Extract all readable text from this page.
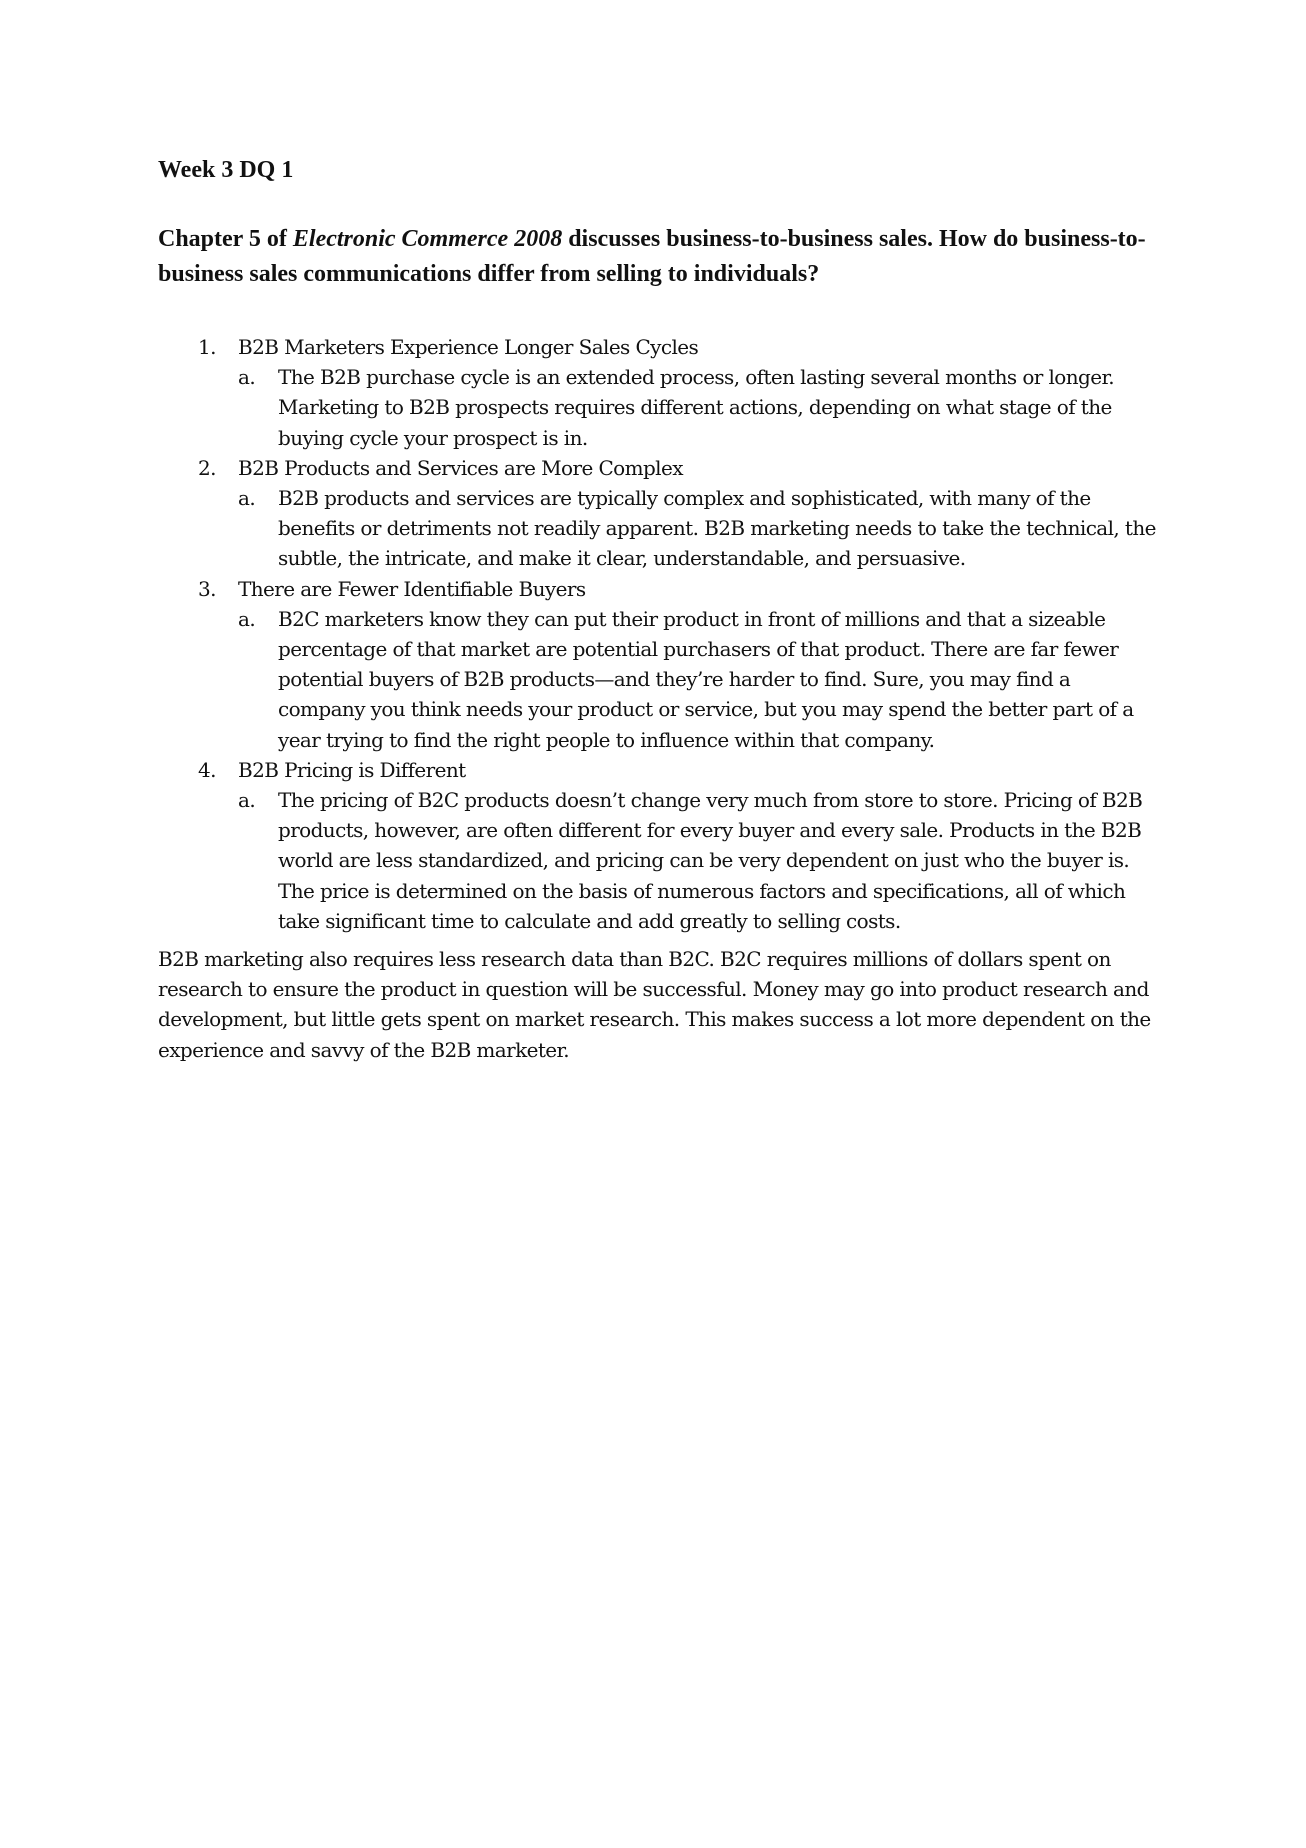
Week 3 DQ 1
Chapter 5 of Electronic Commerce 2008 discusses business-to-business sales. How do business-to-business sales communications differ from selling to individuals?
1. B2B Marketers Experience Longer Sales Cycles
a. The B2B purchase cycle is an extended process, often lasting several months or longer. Marketing to B2B prospects requires different actions, depending on what stage of the buying cycle your prospect is in.
2. B2B Products and Services are More Complex
a. B2B products and services are typically complex and sophisticated, with many of the benefits or detriments not readily apparent. B2B marketing needs to take the technical, the subtle, the intricate, and make it clear, understandable, and persuasive.
3. There are Fewer Identifiable Buyers
a. B2C marketers know they can put their product in front of millions and that a sizeable percentage of that market are potential purchasers of that product. There are far fewer potential buyers of B2B products—and they’re harder to find. Sure, you may find a company you think needs your product or service, but you may spend the better part of a year trying to find the right people to influence within that company.
4. B2B Pricing is Different
a. The pricing of B2C products doesn’t change very much from store to store. Pricing of B2B products, however, are often different for every buyer and every sale. Products in the B2B world are less standardized, and pricing can be very dependent on just who the buyer is. The price is determined on the basis of numerous factors and specifications, all of which take significant time to calculate and add greatly to selling costs.

B2B marketing also requires less research data than B2C. B2C requires millions of dollars spent on research to ensure the product in question will be successful. Money may go into product research and development, but little gets spent on market research. This makes success a lot more dependent on the experience and savvy of the B2B marketer.
